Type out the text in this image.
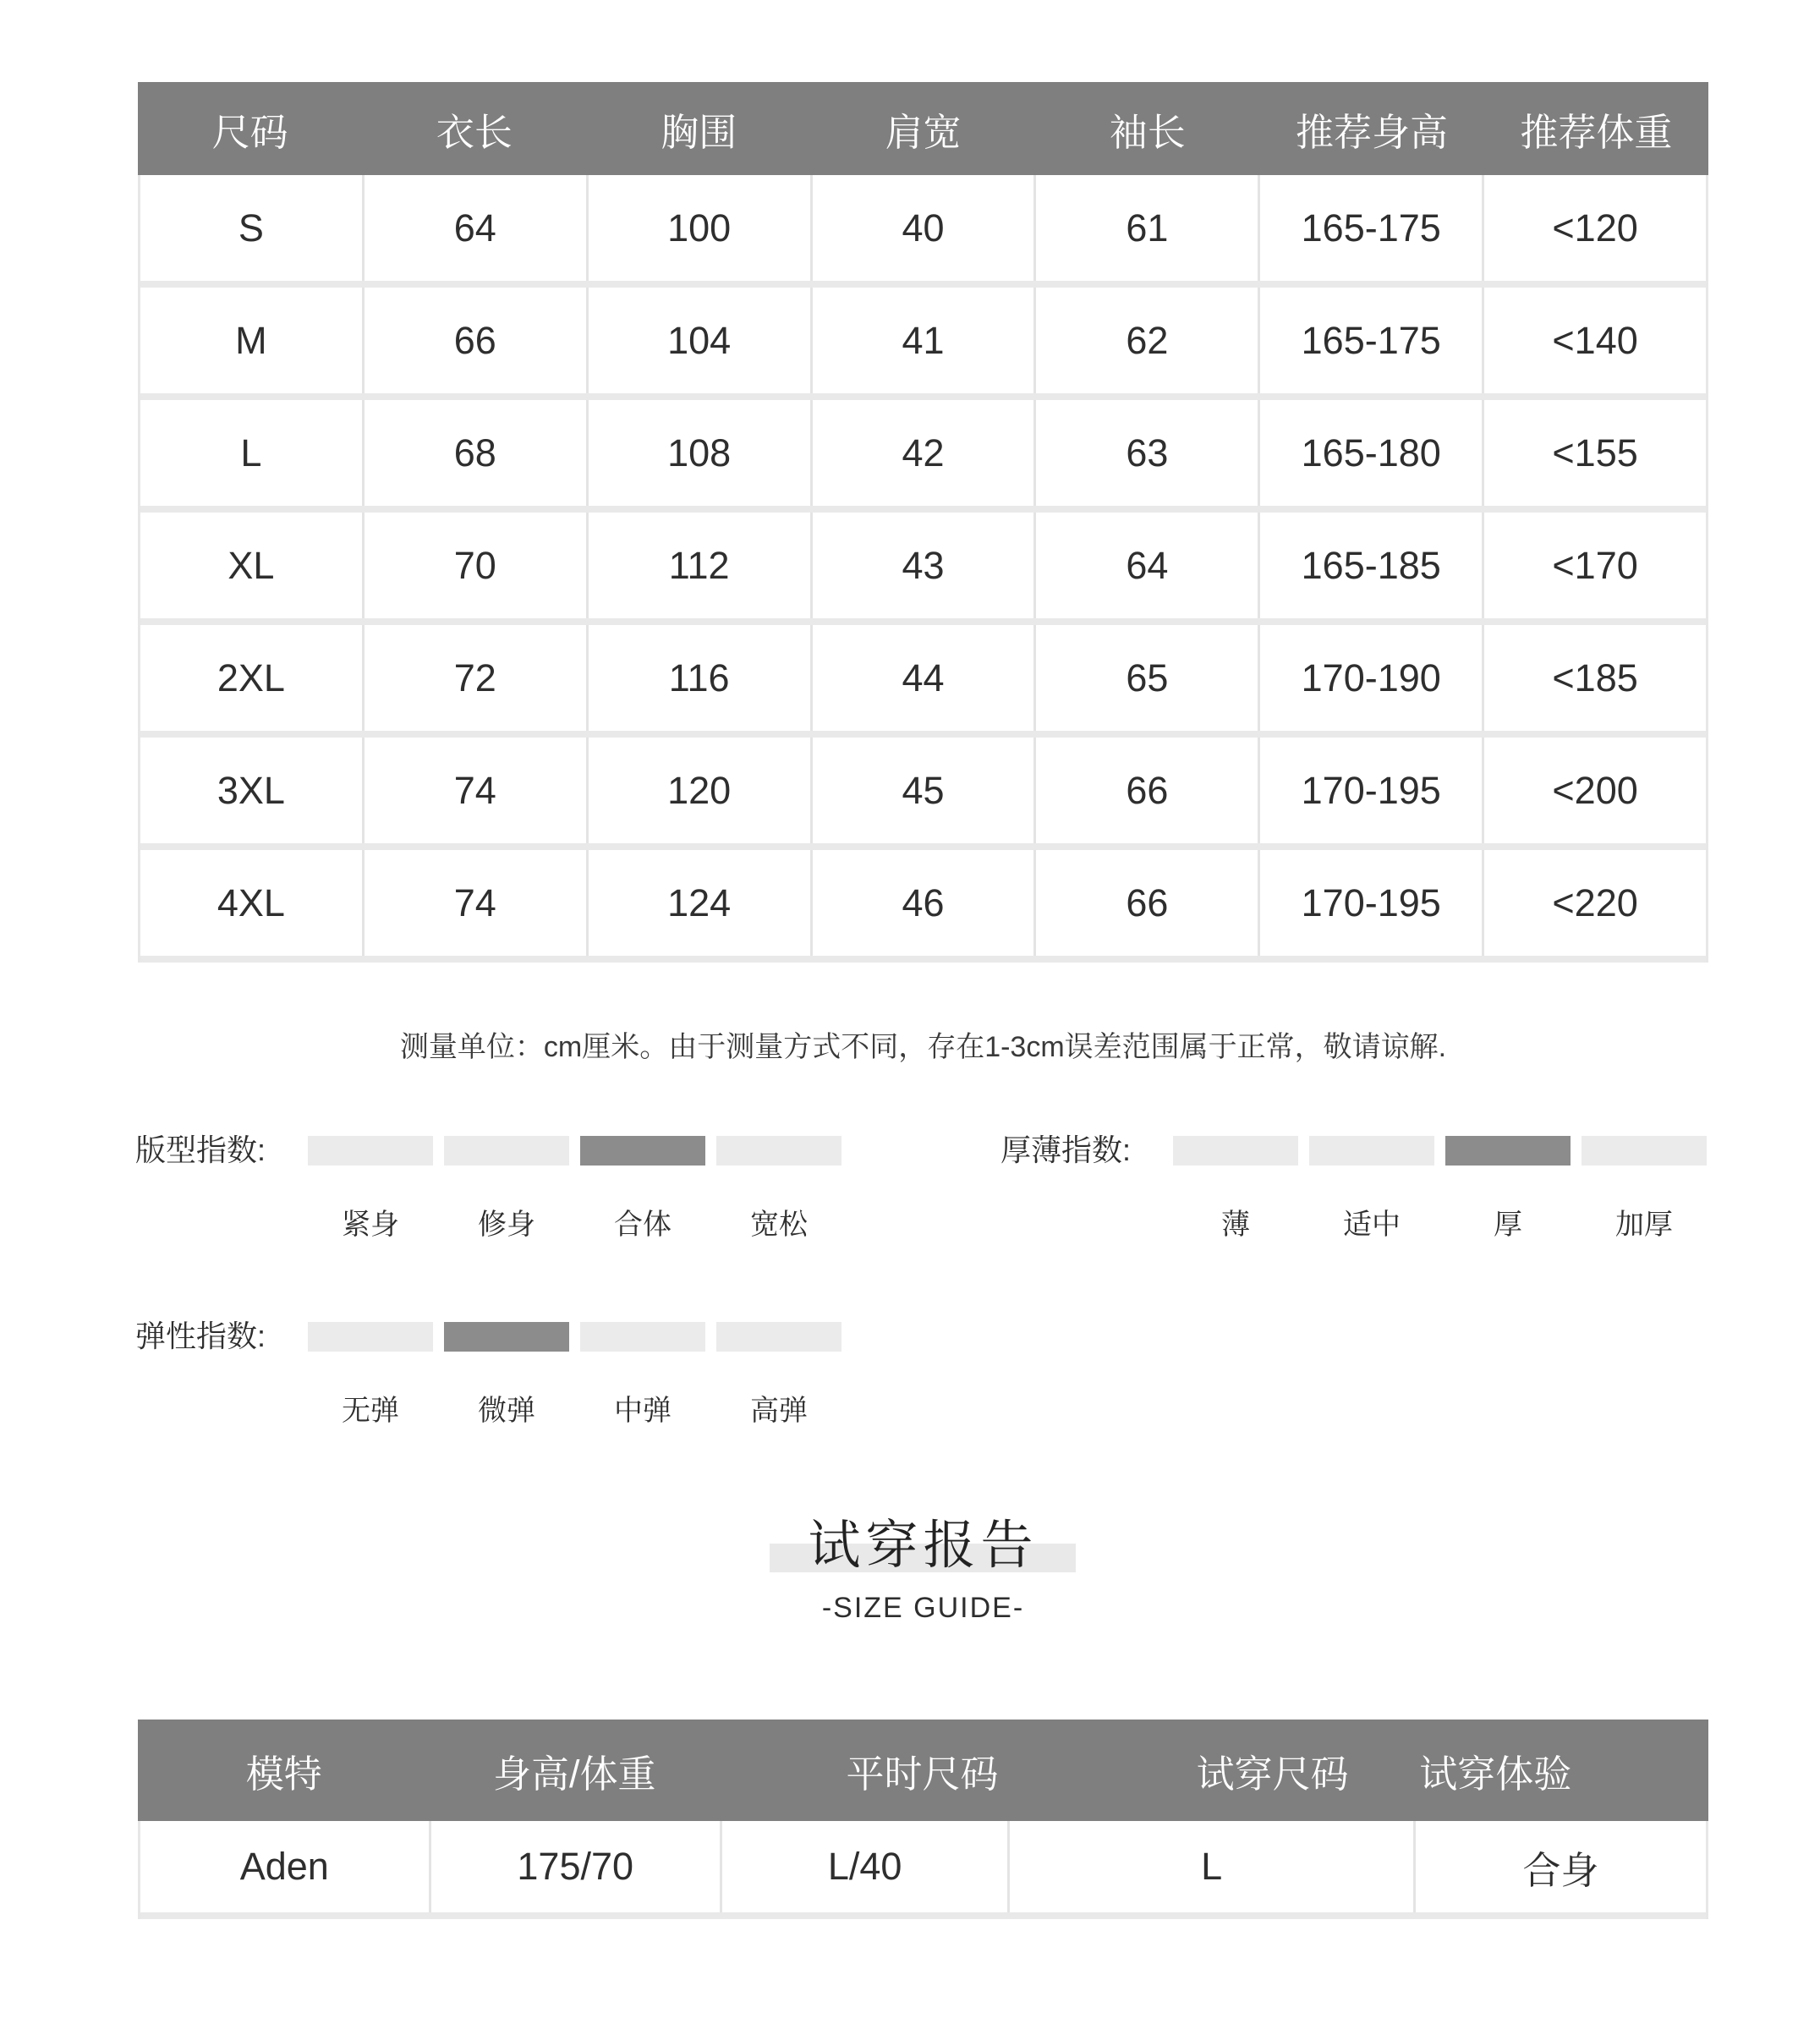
尺码	衣长	胸围	肩宽	袖长	推荐身高	推荐体重
S	64	100	40	61	165-175	<120
M	66	104	41	62	165-175	<140
L	68	108	42	63	165-180	<155
XL	70	112	43	64	165-185	<170
2XL	72	116	44	65	170-190	<185
3XL	74	120	45	66	170-195	<200
4XL	74	124	46	66	170-195	<220
测量单位：cm厘米。由于测量方式不同，存在1-3cm误差范围属于正常，敬请谅解.
版型指数:
紧身	修身	合体	宽松
厚薄指数:
薄	适中	厚	加厚
弹性指数:
无弹	微弹	中弹	高弹
试穿报告
-SIZE GUIDE-
模特	身高/体重	平时尺码	试穿尺码	试穿体验
Aden	175/70	L/40	L	合身
